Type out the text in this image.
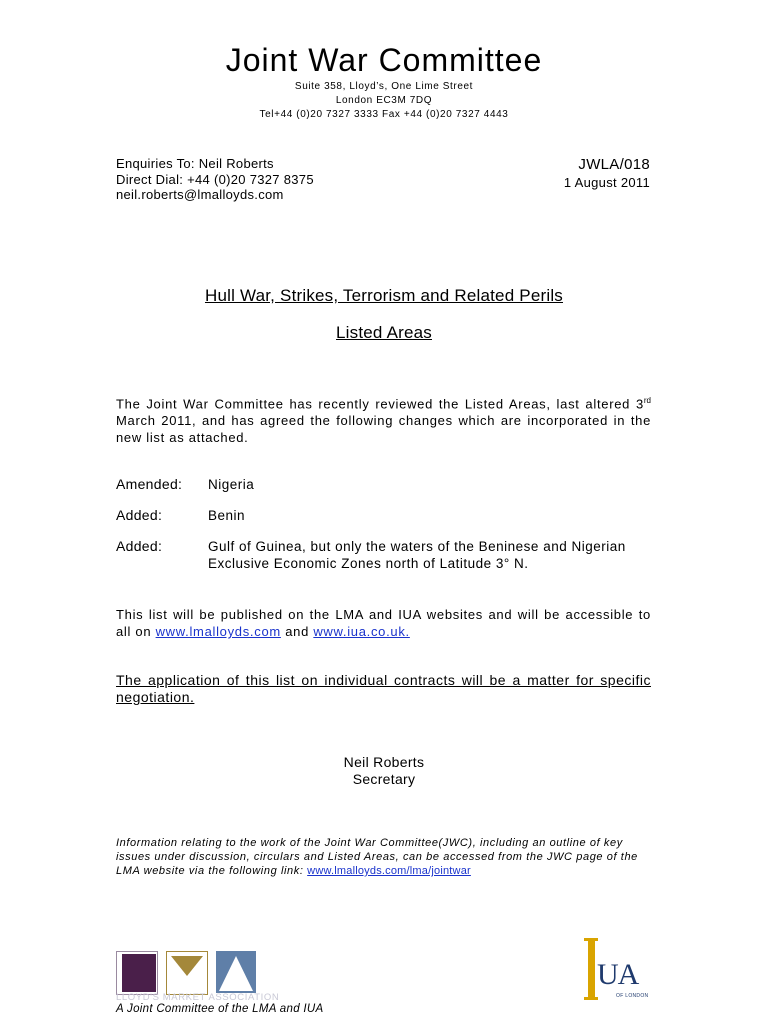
Joint War Committee
Suite 358, Lloyd’s, One Lime Street
London EC3M 7DQ
Tel+44 (0)20 7327 3333 Fax +44 (0)20 7327 4443
Enquiries To: Neil Roberts
Direct Dial: +44 (0)20 7327 8375
neil.roberts@lmalloyds.com
JWLA/018
1 August 2011
Hull War, Strikes, Terrorism and Related Perils
Listed Areas
The Joint War Committee has recently reviewed the Listed Areas, last altered 3rd March 2011, and has agreed the following changes which are incorporated in the new list as attached.
Amended: Nigeria
Added:	Benin
Added:	Gulf of Guinea, but only the waters of the Beninese and Nigerian Exclusive Economic Zones north of Latitude 3° N.
This list will be published on the LMA and IUA websites and will be accessible to all on www.lmalloyds.com and www.iua.co.uk.
The application of this list on individual contracts will be a matter for specific negotiation.
Neil Roberts
Secretary
Information relating to the work of the Joint War Committee(JWC), including an outline of key issues under discussion, circulars and Listed Areas, can be accessed from the JWC page of the LMA website via the following link: www.lmalloyds.com/lma/jointwar
LLOYD'S MARKET ASSOCIATION
A Joint Committee of the LMA and IUA
UA
OF LONDON
